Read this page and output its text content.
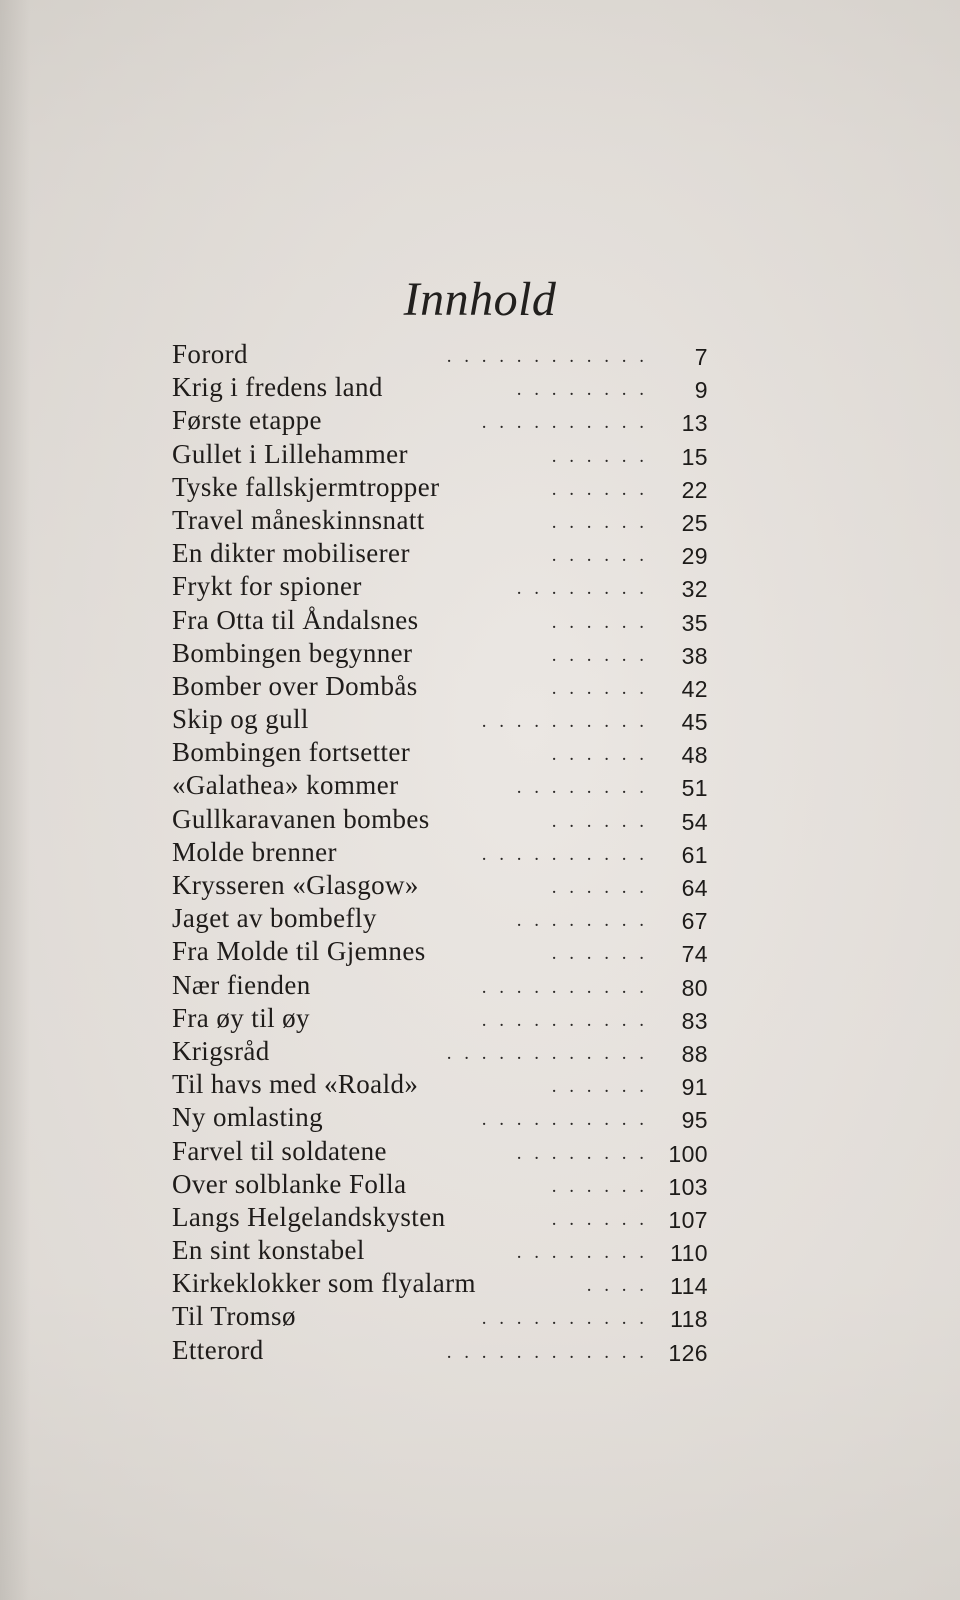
Innhold
Forord	. . . . . . . . . . . . 7
Krig i fredens land	. . . . . . . . 9
Første etappe	. . . . . . . . . . 13
Gullet i Lillehammer	. . . . . . 15
Tyske fallskjermtropper	. . . . . . 22
Travel måneskinnsnatt	. . . . . . 25
En dikter mobiliserer	. . . . . . 29
Frykt for spioner	. . . . . . . . 32
Fra Otta til Åndalsnes	. . . . . . 35
Bombingen begynner	. . . . . . 38
Bomber over Dombås	. . . . . . 42
Skip og gull	. . . . . . . . . . 45
Bombingen fortsetter	. . . . . . 48
«Galathea» kommer	. . . . . . . . 51
Gullkaravanen bombes	. . . . . . 54
Molde brenner	. . . . . . . . . . 61
Krysseren «Glasgow»	. . . . . . 64
Jaget av bombefly	. . . . . . . . 67
Fra Molde til Gjemnes	. . . . . . 74
Nær fienden	. . . . . . . . . . 80
Fra øy til øy	. . . . . . . . . . 83
Krigsråd	. . . . . . . . . . . . 88
Til havs med «Roald»	. . . . . . 91
Ny omlasting	. . . . . . . . . . 95
Farvel til soldatene	. . . . . . . . 100
Over solblanke Folla	. . . . . . 103
Langs Helgelandskysten	. . . . . . 107
En sint konstabel	. . . . . . . . 110
Kirkeklokker som flyalarm	. . . . 114
Til Tromsø	. . . . . . . . . . 118
Etterord	. . . . . . . . . . . . 126
